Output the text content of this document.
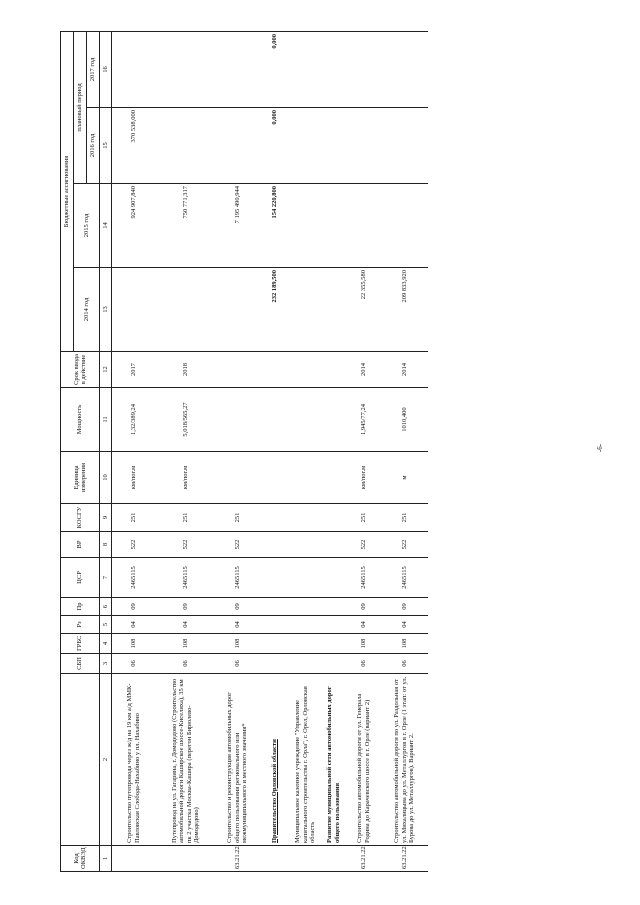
Код ОКВЭД		СБП	ГРБС	Рз	Пр	ЦСР	ВР	КОСГУ	Единица измерения	Мощность	Срок ввода в действие	Бюджетные ассигнования			
												2014 год	2015 год	плановый период	
														2016 год	2017 год
1	2	3	4	5	6	7	8	9	10	11	12	13	14	15	16
	Строительство путепровода через ж/д на 19 км а/д ММК-Павловская Слобода-Нахабино у пл. Нахабино	06	108	04	09	2465115	522	251	км/пог.м	1,32/389,24	2017		924 907,840	370 538,000	
	Путепровод на ул. Гагарина, г. Домодедово (Строительство автомобильной дороги Каширское шоссе-Киселиха), 35 км пк 2 участка Москва-Кашира (перегон Бирюлево-Домодедово)	06	108	04	09	2465115	522	251	км/пог.м	5,018/565,27	2018		750 771,317		
63.21.22	Строительство и реконструкция автомобильных дорог общего пользования регионального или межмуниципального и местного значения*	06	108	04	09	2465115	522	251					7 195 490,944		
	Правительство Орловской области											232 189,500	154 220,800	0,000	0,000
	Муниципальное казенное учреждение "Управление капитального строительства г. Орла", г. Орел, Орловская область														
	Развитие муниципальной сети автомобильных дорог общего пользования														
63.21.22	Строительство автомобильной дороги от ул. Генерала Родина до Карачевского шоссе в г. Орле (вариант 2)	06	108	04	09	2465115	522	251	км/пог.м	1,945/77,24	2014	22 355,580			
63.21.22	Строительство автомобильной дороги по ул. Раздольная от ул. Михалицына до ул. Металлургов в г. Орле (1 этап: от ул. Бурова до ул. Металлургов). Вариант 2.	06	108	04	09	2465115	522	251	м	1010,400	2014	209 833,920			
-6-
